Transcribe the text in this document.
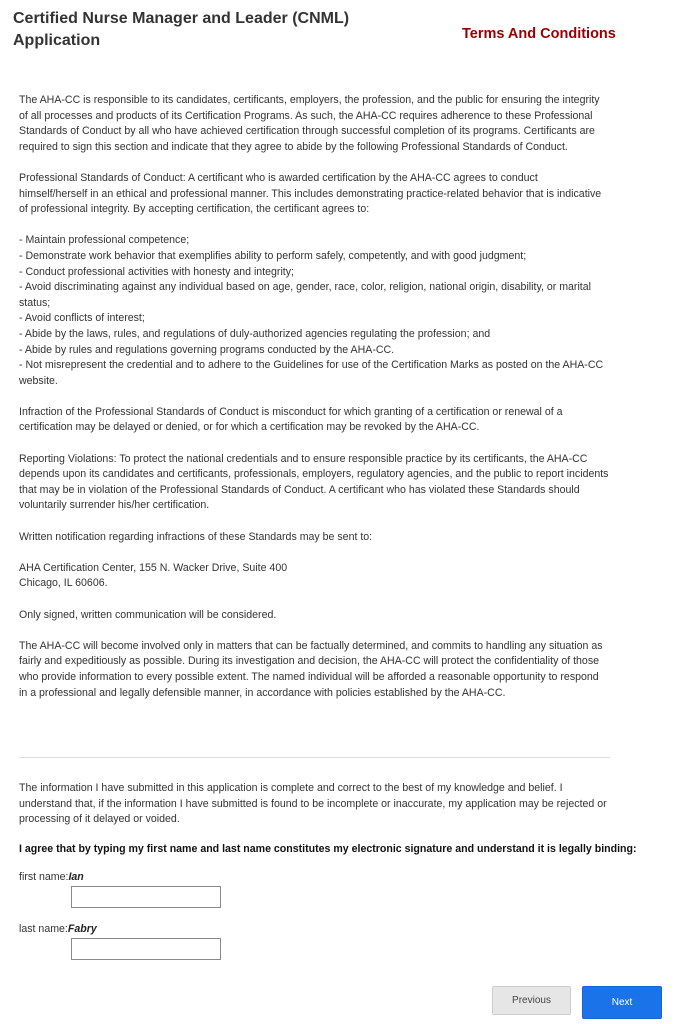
Certified Nurse Manager and Leader (CNML) Application	Terms And Conditions

The AHA-CC is responsible to its candidates, certificants, employers, the profession, and the public for ensuring the integrity of all processes and products of its Certification Programs. As such, the AHA-CC requires adherence to these Professional Standards of Conduct by all who have achieved certification through successful completion of its programs. Certificants are required to sign this section and indicate that they agree to abide by the following Professional Standards of Conduct.

Professional Standards of Conduct: A certificant who is awarded certification by the AHA-CC agrees to conduct himself/herself in an ethical and professional manner. This includes demonstrating practice-related behavior that is indicative of professional integrity. By accepting certification, the certificant agrees to:

- Maintain professional competence;
- Demonstrate work behavior that exemplifies ability to perform safely, competently, and with good judgment;
- Conduct professional activities with honesty and integrity;
- Avoid discriminating against any individual based on age, gender, race, color, religion, national origin, disability, or marital status;
- Avoid conflicts of interest;
- Abide by the laws, rules, and regulations of duly-authorized agencies regulating the profession; and
- Abide by rules and regulations governing programs conducted by the AHA-CC.
- Not misrepresent the credential and to adhere to the Guidelines for use of the Certification Marks as posted on the AHA-CC website.

Infraction of the Professional Standards of Conduct is misconduct for which granting of a certification or renewal of a certification may be delayed or denied, or for which a certification may be revoked by the AHA-CC.

Reporting Violations: To protect the national credentials and to ensure responsible practice by its certificants, the AHA-CC depends upon its candidates and certificants, professionals, employers, regulatory agencies, and the public to report incidents that may be in violation of the Professional Standards of Conduct. A certificant who has violated these Standards should voluntarily surrender his/her certification.

Written notification regarding infractions of these Standards may be sent to:

AHA Certification Center, 155 N. Wacker Drive, Suite 400
Chicago, IL 60606.

Only signed, written communication will be considered.

The AHA-CC will become involved only in matters that can be factually determined, and commits to handling any situation as fairly and expeditiously as possible. During its investigation and decision, the AHA-CC will protect the confidentiality of those who provide information to every possible extent. The named individual will be afforded a reasonable opportunity to respond in a professional and legally defensible manner, in accordance with policies established by the AHA-CC.

The information I have submitted in this application is complete and correct to the best of my knowledge and belief. I understand that, if the information I have submitted is found to be incomplete or inaccurate, my application may be rejected or processing of it delayed or voided.

I agree that by typing my first name and last name constitutes my electronic signature and understand it is legally binding:

first name:Ian
last name:Fabry
Previous	Next
